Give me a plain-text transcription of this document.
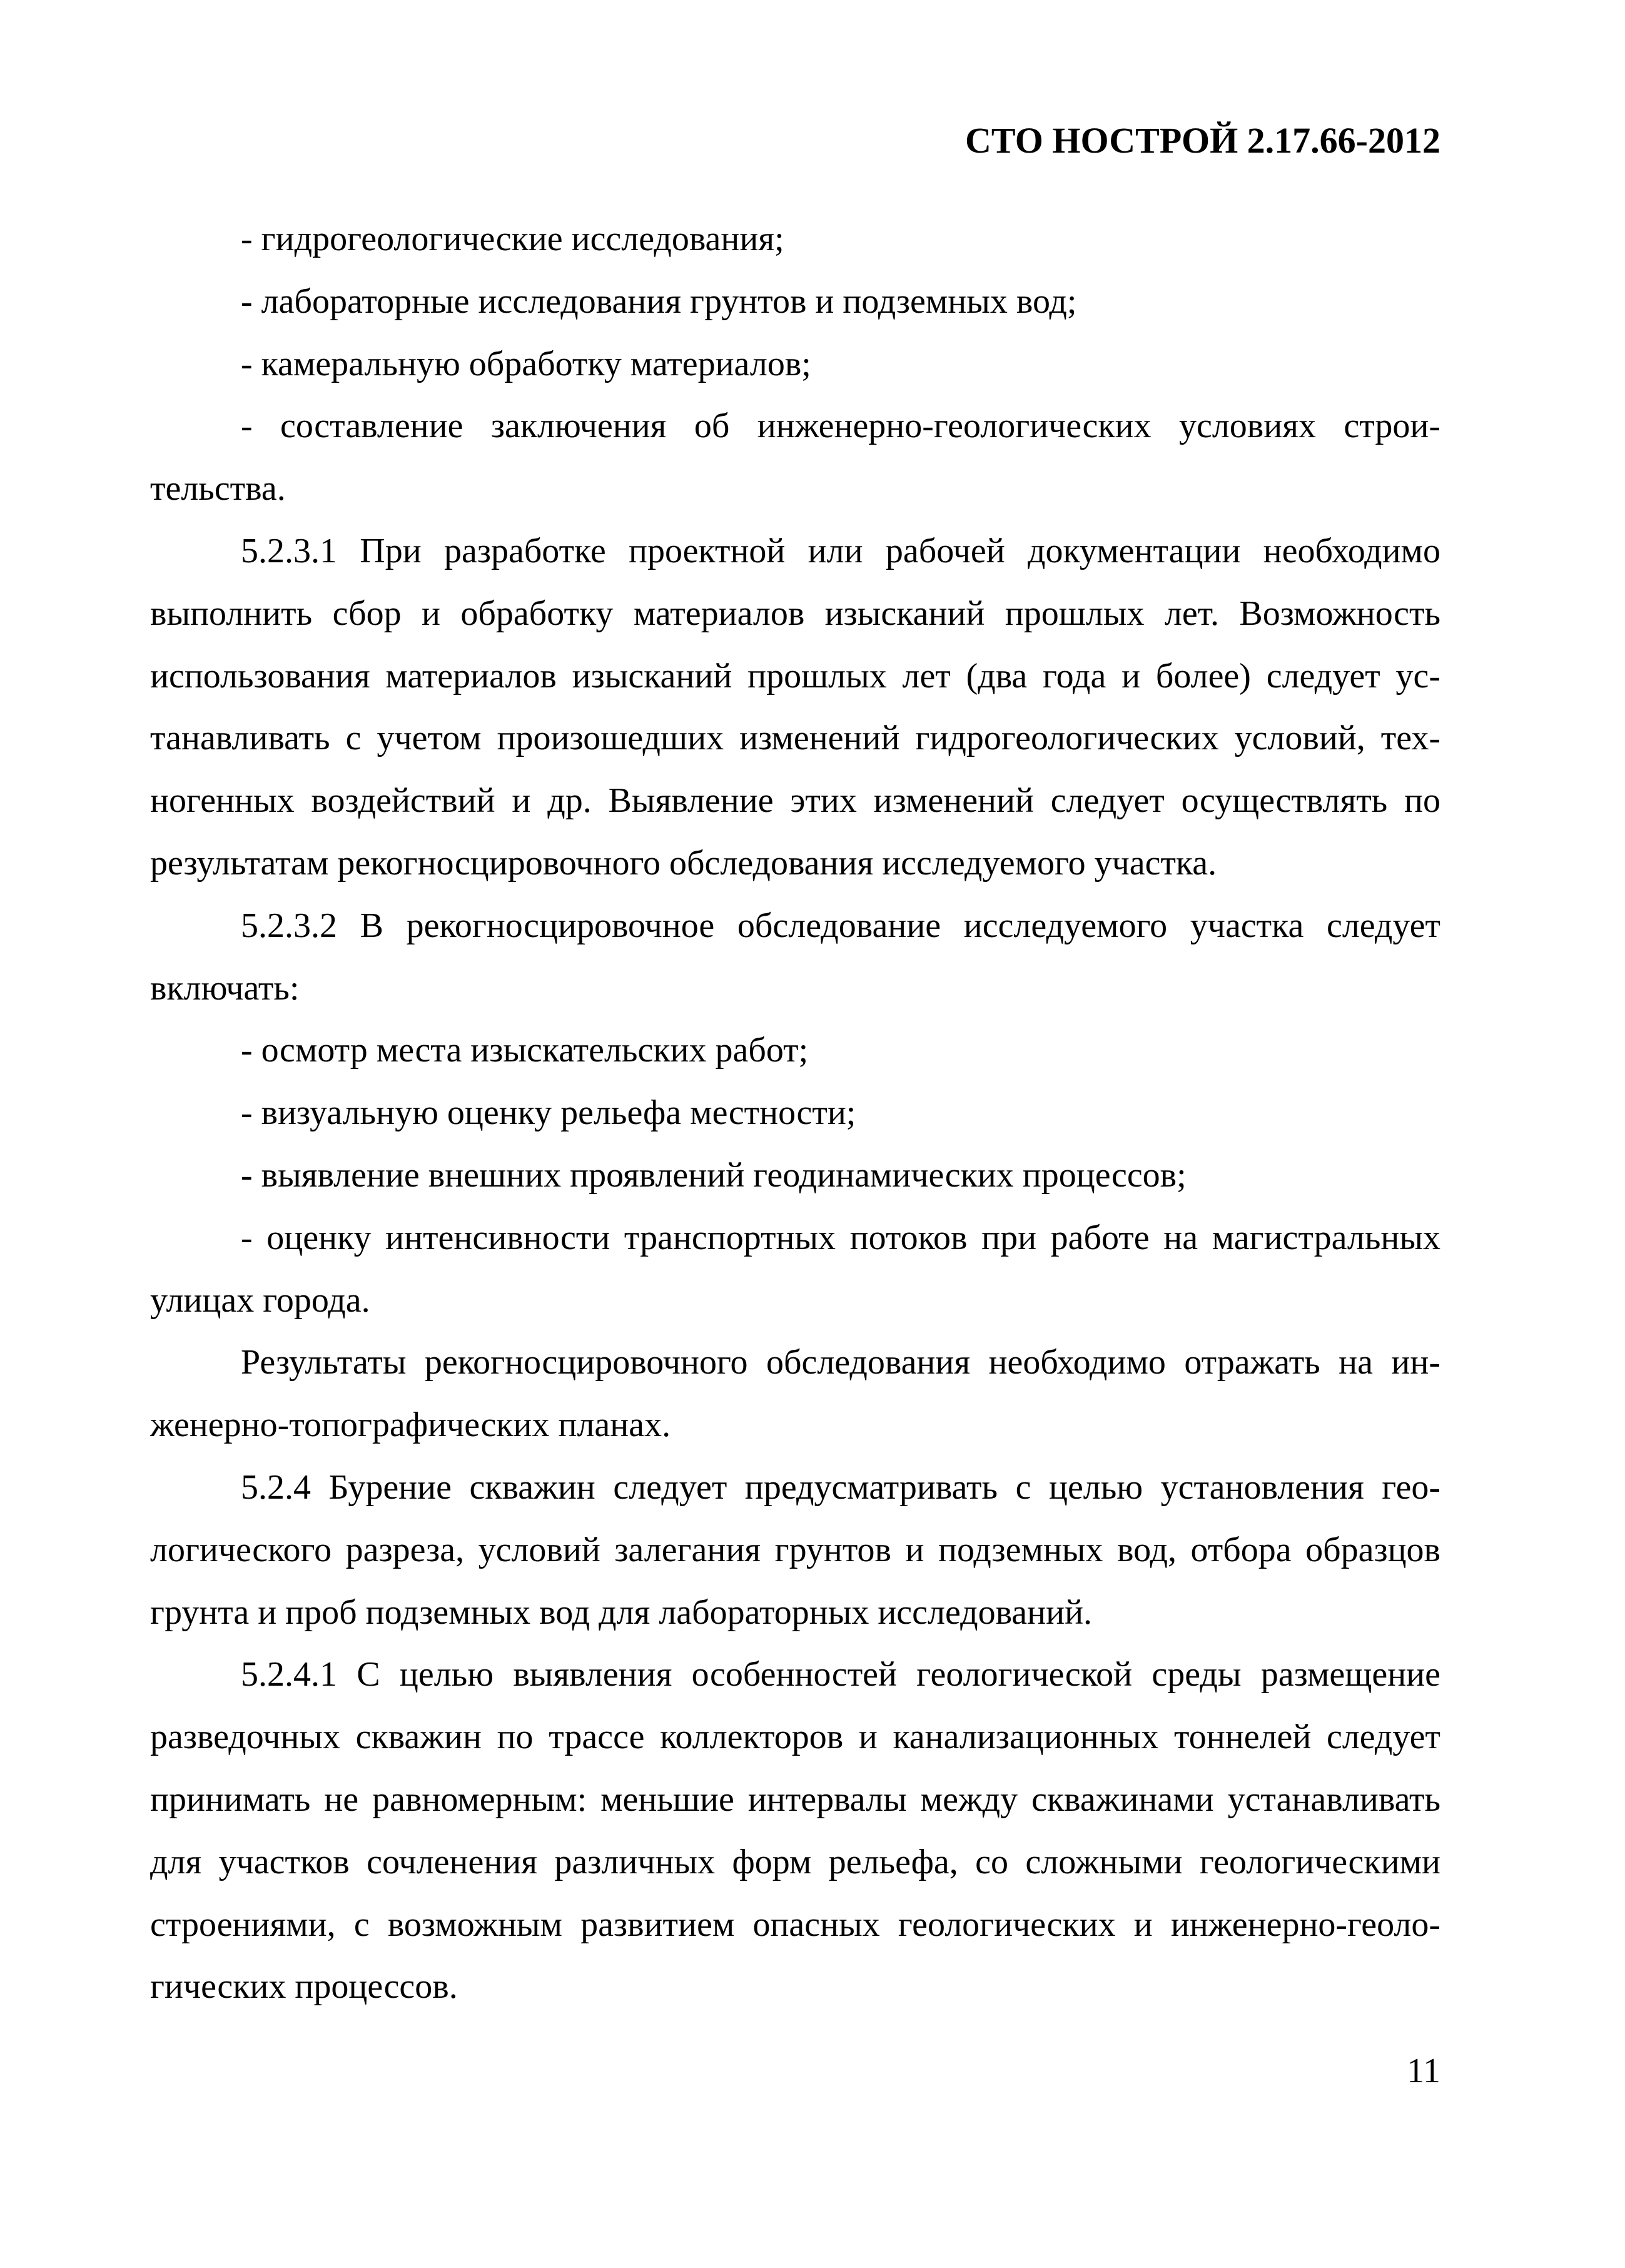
СТО НОСТРОЙ 2.17.66-2012
- гидрогеологические исследования;
- лабораторные исследования грунтов и подземных вод;
- камеральную обработку материалов;
- составление заключения об инженерно-геологических условиях строи-
тельства.
5.2.3.1 При разработке проектной или рабочей документации необходимо
выполнить сбор и обработку материалов изысканий прошлых лет. Возможность
использования материалов изысканий прошлых лет (два года и более) следует ус-
танавливать с учетом произошедших изменений гидрогеологических условий, тех-
ногенных воздействий и др. Выявление этих изменений следует осуществлять по
результатам рекогносцировочного обследования исследуемого участка.
5.2.3.2 В рекогносцировочное обследование исследуемого участка следует
включать:
- осмотр места изыскательских работ;
- визуальную оценку рельефа местности;
- выявление внешних проявлений геодинамических процессов;
- оценку интенсивности транспортных потоков при работе на магистральных
улицах города.
Результаты рекогносцировочного обследования необходимо отражать на ин-
женерно-топографических планах.
5.2.4 Бурение скважин следует предусматривать с целью установления гео-
логического разреза, условий залегания грунтов и подземных вод, отбора образцов
грунта и проб подземных вод для лабораторных исследований.
5.2.4.1 С целью выявления особенностей геологической среды размещение
разведочных скважин по трассе коллекторов и канализационных тоннелей следует
принимать не равномерным: меньшие интервалы между скважинами устанавливать
для участков сочленения различных форм рельефа, со сложными геологическими
строениями, с возможным развитием опасных геологических и инженерно-геоло-
гических процессов.
11
